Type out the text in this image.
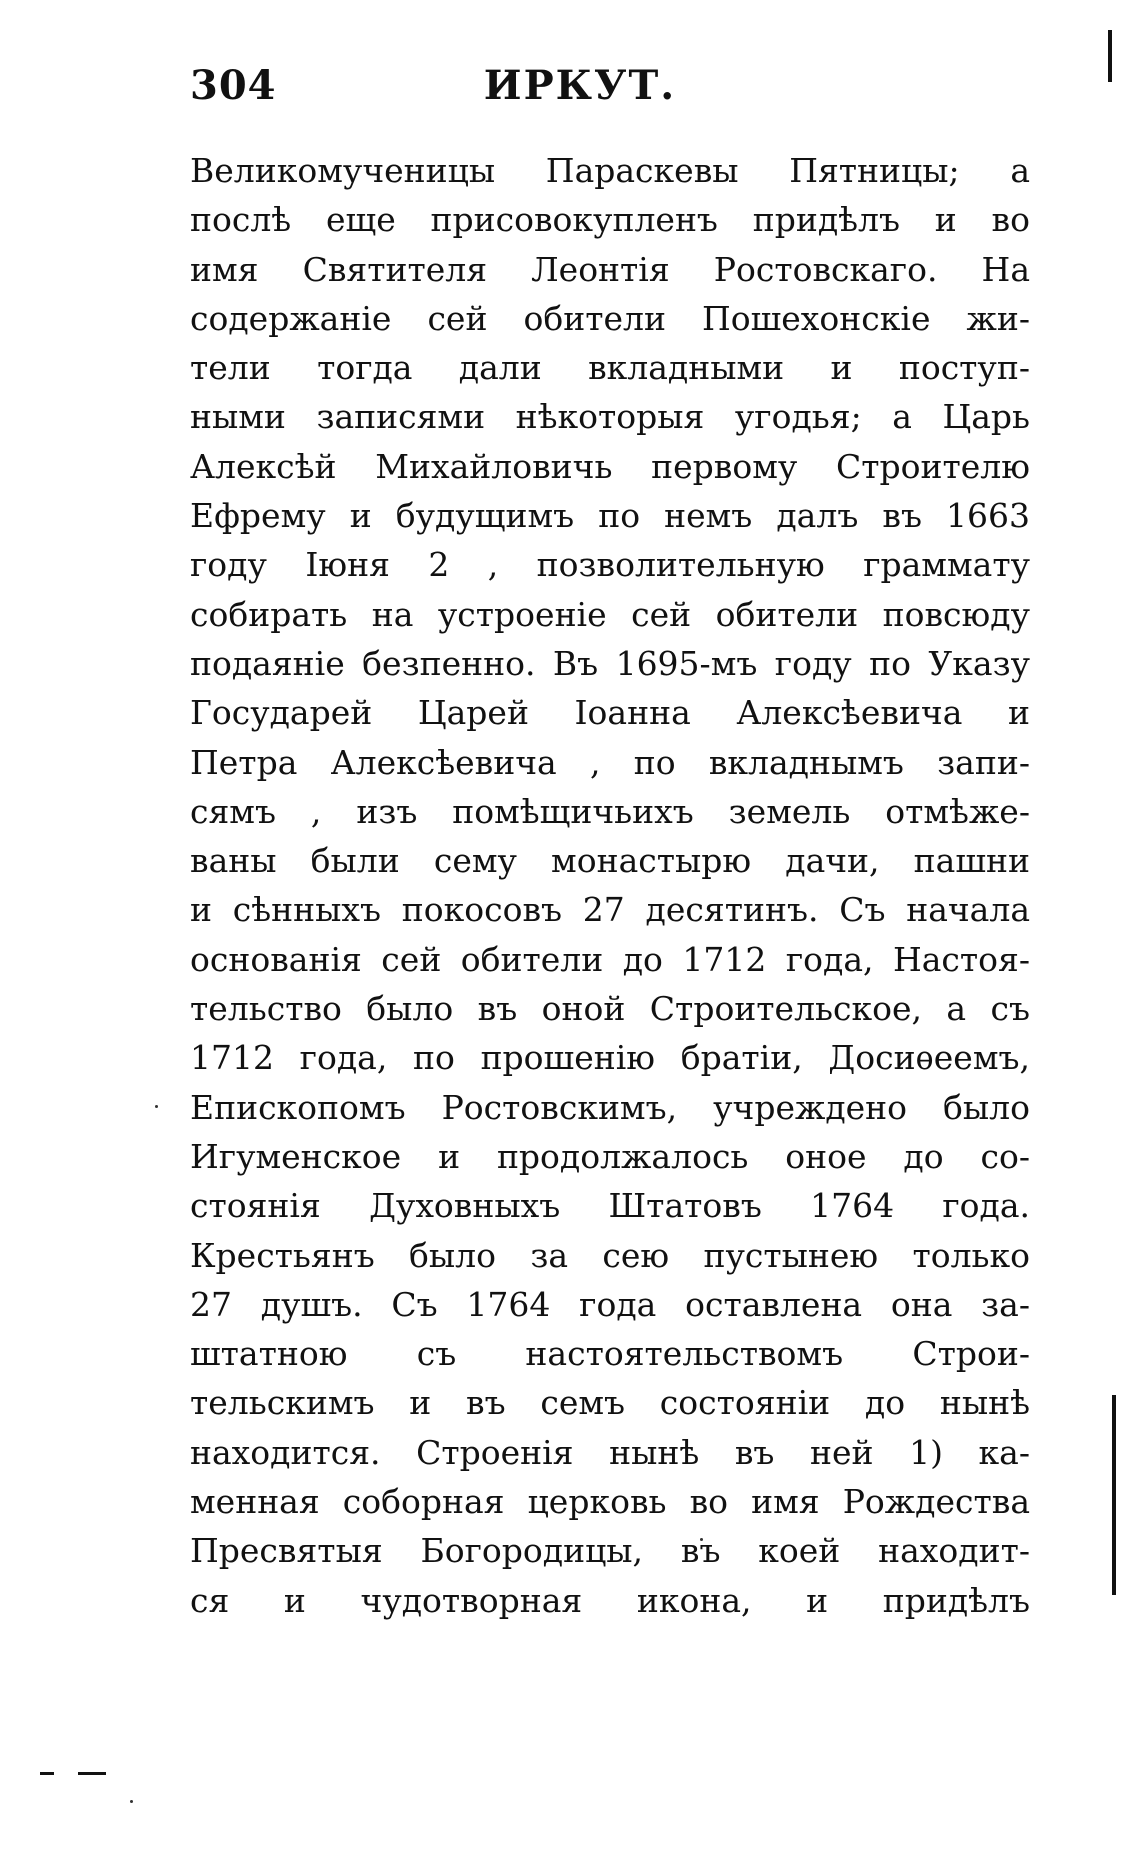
304	ИРКУТ.
Великомученицы Параскевы Пятницы; а
послѣ еще присовокупленъ придѣлъ и во
имя Святителя Леонтiя Ростовскаго. На
содержанiе сей обители Пошехонскiе жи-
тели тогда дали вкладными и поступ-
ными записями нѣкоторыя угодья; а Царь
Алексѣй Михайловичь первому Строителю
Ефрему и будущимъ по немъ далъ въ 1663
году Iюня 2 , позволительную граммату
собирать на устроенiе сей обители повсюду
подаянiе безпенно. Въ 1695-мъ году по Указу
Государей Царей Iоанна Алексѣевича и
Петра Алексѣевича , по вкладнымъ запи-
сямъ , изъ помѣщичьихъ земель отмѣже-
ваны были сему монастырю дачи, пашни
и сѣнныхъ покосовъ 27 десятинъ. Съ начала
основанiя сей обители до 1712 года, Настоя-
тельство было въ оной Строительское, а съ
1712 года, по прошенiю братiи, Досиѳеемъ,
Епископомъ Ростовскимъ, учреждено было
Игуменское и продолжалось оное до со-
стоянiя Духовныхъ Штатовъ 1764 года.
Крестьянъ было за сею пустынею только
27 душъ. Съ 1764 года оставлена она за-
штатною съ настоятельствомъ Строи-
тельскимъ и въ семъ состоянiи до нынѣ
находится. Строенiя нынѣ въ ней 1) ка-
менная соборная церковь во имя Рождества
Пресвятыя Богородицы, въ коей находит-
ся и чудотворная икона, и придѣлъ
